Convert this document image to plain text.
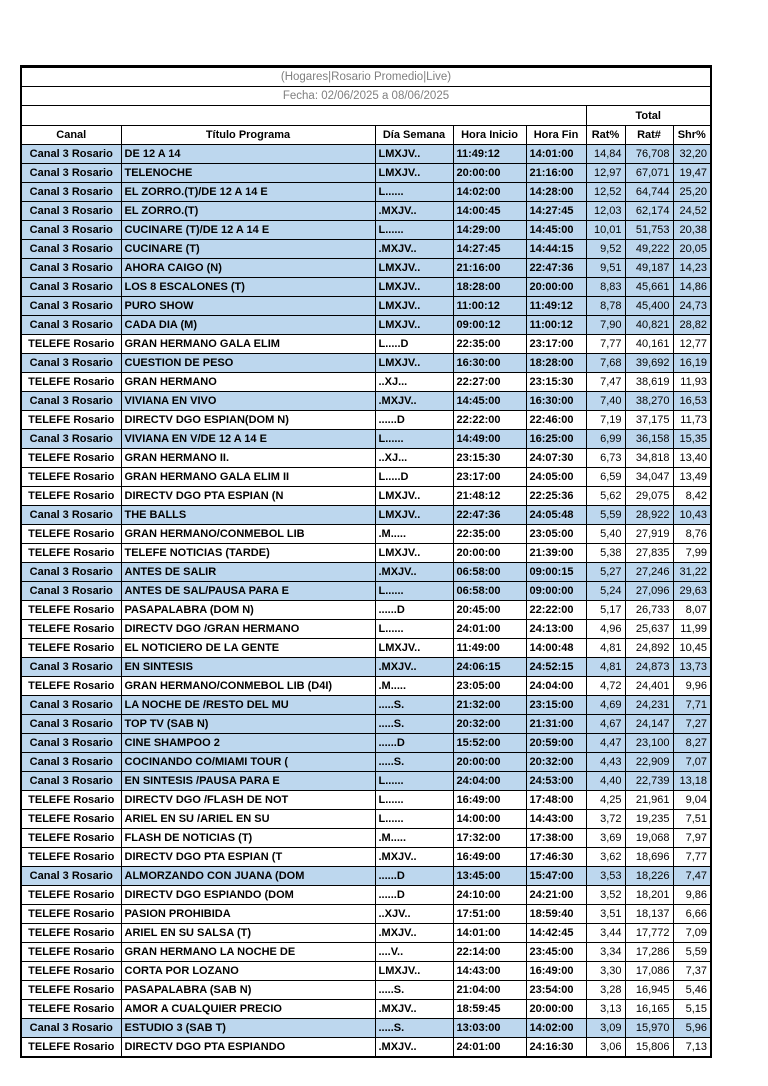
(Hogares|Rosario Promedio|Live)							
Fecha: 02/06/2025 a 08/06/2025							
					Total		
Canal	Título Programa	Día Semana	Hora Inicio	Hora Fin	Rat%	Rat#	Shr%
Canal 3 Rosario	DE 12 A 14	LMXJV..	11:49:12	14:01:00	14,84	76,708	32,20
Canal 3 Rosario	TELENOCHE	LMXJV..	20:00:00	21:16:00	12,97	67,071	19,47
Canal 3 Rosario	EL ZORRO.(T)/DE 12 A 14 E	L......	14:02:00	14:28:00	12,52	64,744	25,20
Canal 3 Rosario	EL ZORRO.(T)	.MXJV..	14:00:45	14:27:45	12,03	62,174	24,52
Canal 3 Rosario	CUCINARE (T)/DE 12 A 14 E	L......	14:29:00	14:45:00	10,01	51,753	20,38
Canal 3 Rosario	CUCINARE (T)	.MXJV..	14:27:45	14:44:15	9,52	49,222	20,05
Canal 3 Rosario	AHORA CAIGO (N)	LMXJV..	21:16:00	22:47:36	9,51	49,187	14,23
Canal 3 Rosario	LOS 8 ESCALONES (T)	LMXJV..	18:28:00	20:00:00	8,83	45,661	14,86
Canal 3 Rosario	PURO SHOW	LMXJV..	11:00:12	11:49:12	8,78	45,400	24,73
Canal 3 Rosario	CADA DIA (M)	LMXJV..	09:00:12	11:00:12	7,90	40,821	28,82
TELEFE Rosario	GRAN HERMANO GALA ELIM	L.....D	22:35:00	23:17:00	7,77	40,161	12,77
Canal 3 Rosario	CUESTION DE PESO	LMXJV..	16:30:00	18:28:00	7,68	39,692	16,19
TELEFE Rosario	GRAN HERMANO	..XJ...	22:27:00	23:15:30	7,47	38,619	11,93
Canal 3 Rosario	VIVIANA EN VIVO	.MXJV..	14:45:00	16:30:00	7,40	38,270	16,53
TELEFE Rosario	DIRECTV DGO ESPIAN(DOM N)	......D	22:22:00	22:46:00	7,19	37,175	11,73
Canal 3 Rosario	VIVIANA EN V/DE 12 A 14 E	L......	14:49:00	16:25:00	6,99	36,158	15,35
TELEFE Rosario	GRAN HERMANO II.	..XJ...	23:15:30	24:07:30	6,73	34,818	13,40
TELEFE Rosario	GRAN HERMANO GALA ELIM II	L.....D	23:17:00	24:05:00	6,59	34,047	13,49
TELEFE Rosario	DIRECTV DGO PTA ESPIAN (N	LMXJV..	21:48:12	22:25:36	5,62	29,075	8,42
Canal 3 Rosario	THE BALLS	LMXJV..	22:47:36	24:05:48	5,59	28,922	10,43
TELEFE Rosario	GRAN HERMANO/CONMEBOL LIB	.M.....	22:35:00	23:05:00	5,40	27,919	8,76
TELEFE Rosario	TELEFE NOTICIAS (TARDE)	LMXJV..	20:00:00	21:39:00	5,38	27,835	7,99
Canal 3 Rosario	ANTES DE SALIR	.MXJV..	06:58:00	09:00:15	5,27	27,246	31,22
Canal 3 Rosario	ANTES DE SAL/PAUSA PARA E	L......	06:58:00	09:00:00	5,24	27,096	29,63
TELEFE Rosario	PASAPALABRA (DOM N)	......D	20:45:00	22:22:00	5,17	26,733	8,07
TELEFE Rosario	DIRECTV DGO /GRAN HERMANO	L......	24:01:00	24:13:00	4,96	25,637	11,99
TELEFE Rosario	EL NOTICIERO DE LA GENTE	LMXJV..	11:49:00	14:00:48	4,81	24,892	10,45
Canal 3 Rosario	EN SINTESIS	.MXJV..	24:06:15	24:52:15	4,81	24,873	13,73
TELEFE Rosario	GRAN HERMANO/CONMEBOL LIB (D4I)	.M.....	23:05:00	24:04:00	4,72	24,401	9,96
Canal 3 Rosario	LA NOCHE DE /RESTO DEL MU	.....S.	21:32:00	23:15:00	4,69	24,231	7,71
Canal 3 Rosario	TOP TV (SAB N)	.....S.	20:32:00	21:31:00	4,67	24,147	7,27
Canal 3 Rosario	CINE SHAMPOO 2	......D	15:52:00	20:59:00	4,47	23,100	8,27
Canal 3 Rosario	COCINANDO CO/MIAMI TOUR (	.....S.	20:00:00	20:32:00	4,43	22,909	7,07
Canal 3 Rosario	EN SINTESIS /PAUSA PARA E	L......	24:04:00	24:53:00	4,40	22,739	13,18
TELEFE Rosario	DIRECTV DGO /FLASH DE NOT	L......	16:49:00	17:48:00	4,25	21,961	9,04
TELEFE Rosario	ARIEL EN SU /ARIEL EN SU	L......	14:00:00	14:43:00	3,72	19,235	7,51
TELEFE Rosario	FLASH DE NOTICIAS (T)	.M.....	17:32:00	17:38:00	3,69	19,068	7,97
TELEFE Rosario	DIRECTV DGO PTA ESPIAN (T	.MXJV..	16:49:00	17:46:30	3,62	18,696	7,77
Canal 3 Rosario	ALMORZANDO CON JUANA (DOM	......D	13:45:00	15:47:00	3,53	18,226	7,47
TELEFE Rosario	DIRECTV DGO ESPIANDO (DOM	......D	24:10:00	24:21:00	3,52	18,201	9,86
TELEFE Rosario	PASION PROHIBIDA	..XJV..	17:51:00	18:59:40	3,51	18,137	6,66
TELEFE Rosario	ARIEL EN SU SALSA (T)	.MXJV..	14:01:00	14:42:45	3,44	17,772	7,09
TELEFE Rosario	GRAN HERMANO LA NOCHE DE	....V..	22:14:00	23:45:00	3,34	17,286	5,59
TELEFE Rosario	CORTA POR LOZANO	LMXJV..	14:43:00	16:49:00	3,30	17,086	7,37
TELEFE Rosario	PASAPALABRA (SAB N)	.....S.	21:04:00	23:54:00	3,28	16,945	5,46
TELEFE Rosario	AMOR A CUALQUIER PRECIO	.MXJV..	18:59:45	20:00:00	3,13	16,165	5,15
Canal 3 Rosario	ESTUDIO 3 (SAB T)	.....S.	13:03:00	14:02:00	3,09	15,970	5,96
TELEFE Rosario	DIRECTV DGO PTA ESPIANDO	.MXJV..	24:01:00	24:16:30	3,06	15,806	7,13
